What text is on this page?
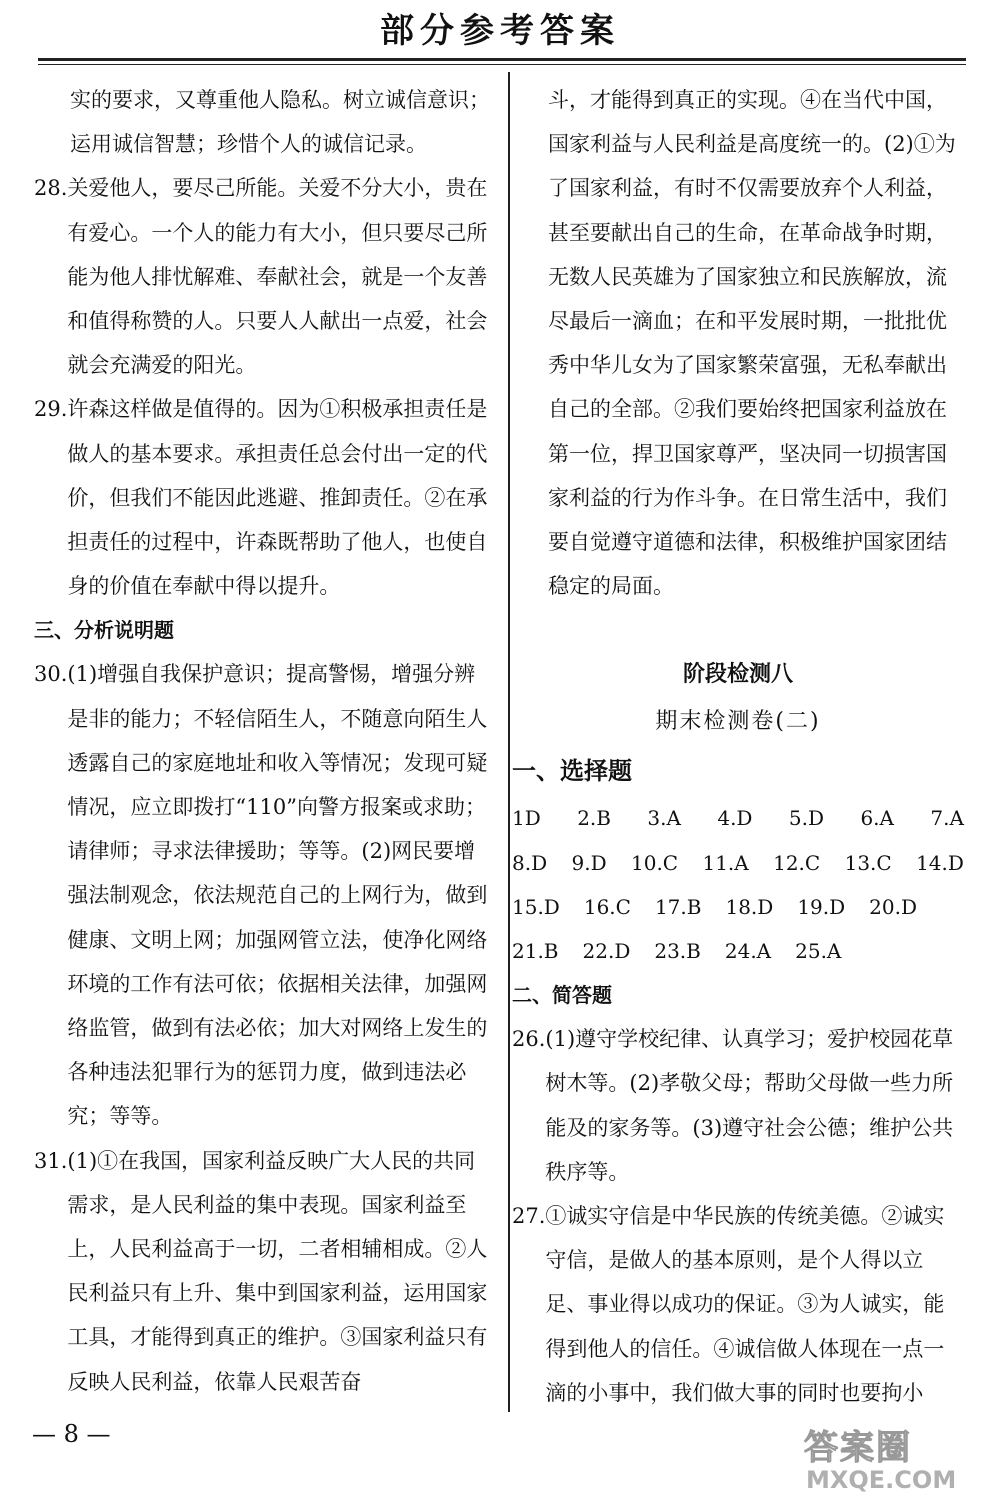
部分参考答案
实的要求，又尊重他人隐私。树立诚信意识；运用诚信智慧；珍惜个人的诚信记录。
28. 关爱他人，要尽己所能。关爱不分大小，贵在有爱心。一个人的能力有大小，但只要尽己所能为他人排忧解难、奉献社会，就是一个友善和值得称赞的人。只要人人献出一点爱，社会就会充满爱的阳光。
29. 许森这样做是值得的。因为①积极承担责任是做人的基本要求。承担责任总会付出一定的代价，但我们不能因此逃避、推卸责任。②在承担责任的过程中，许森既帮助了他人，也使自身的价值在奉献中得以提升。
三、分析说明题
30. (1)增强自我保护意识；提高警惕，增强分辨是非的能力；不轻信陌生人，不随意向陌生人透露自己的家庭地址和收入等情况；发现可疑情况，应立即拨打“110”向警方报案或求助；请律师；寻求法律援助；等等。(2)网民要增强法制观念，依法规范自己的上网行为，做到健康、文明上网；加强网管立法，使净化网络环境的工作有法可依；依据相关法律，加强网络监管，做到有法必依；加大对网络上发生的各种违法犯罪行为的惩罚力度，做到违法必究；等等。
31. (1)①在我国，国家利益反映广大人民的共同需求，是人民利益的集中表现。国家利益至上，人民利益高于一切，二者相辅相成。②人民利益只有上升、集中到国家利益，运用国家工具，才能得到真正的维护。③国家利益只有反映人民利益，依靠人民艰苦奋
斗，才能得到真正的实现。④在当代中国，国家利益与人民利益是高度统一的。(2)①为了国家利益，有时不仅需要放弃个人利益，甚至要献出自己的生命，在革命战争时期，无数人民英雄为了国家独立和民族解放，流尽最后一滴血；在和平发展时期，一批批优秀中华儿女为了国家繁荣富强，无私奉献出自己的全部。②我们要始终把国家利益放在第一位，捍卫国家尊严，坚决同一切损害国家利益的行为作斗争。在日常生活中，我们要自觉遵守道德和法律，积极维护国家团结稳定的局面。
阶段检测八
期末检测卷(二)
一、选择题
1D 2.B 3.A 4.D 5.D 6.A 7.A
8.D 9.D 10.C 11.A 12.C 13.C 14.D
15.D 16.C 17.B 18.D 19.D 20.D
21.B 22.D 23.B 24.A 25.A
二、简答题
26. (1)遵守学校纪律、认真学习；爱护校园花草树木等。(2)孝敬父母；帮助父母做一些力所能及的家务等。(3)遵守社会公德；维护公共秩序等。
27. ①诚实守信是中华民族的传统美德。②诚实守信，是做人的基本原则，是个人得以立足、事业得以成功的保证。③为人诚实，能得到他人的信任。④诚信做人体现在一点一滴的小事中，我们做大事的同时也要拘小
— 8 —	答案圈
MXQE.COM
